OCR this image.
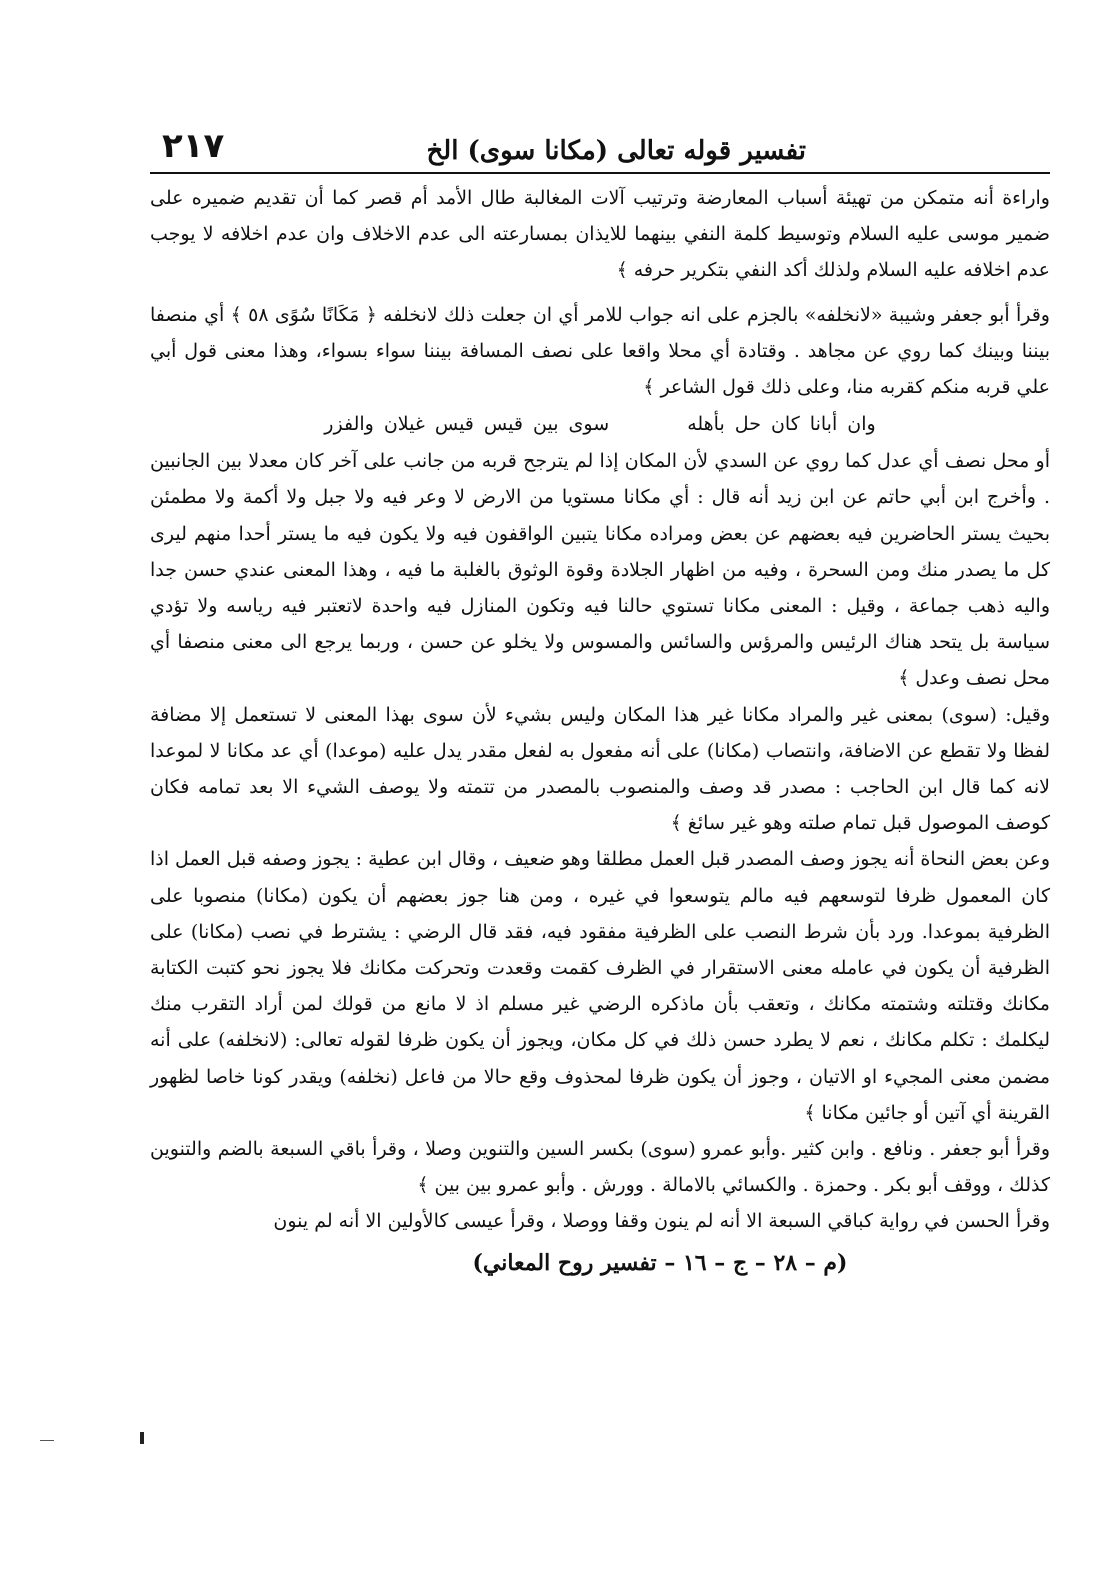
تفسير قوله تعالى (مكانا سوى) الخ
٢١٧

واراءة أنه متمكن من تهيئة أسباب المعارضة وترتيب آلات المغالبة طال الأمد أم قصر كما أن تقديم ضميره على ضمير موسى عليه السلام وتوسيط كلمة النفي بينهما للايذان بمسارعته الى عدم الاخلاف وان عدم اخلافه لا يوجب عدم اخلافه عليه السلام ولذلك أكد النفي بتكرير حرفه ﴾

وقرأ أبو جعفر وشيبة «لانخلفه» بالجزم على انه جواب للامر أي ان جعلت ذلك لانخلفه ﴿ مَكَانًا سُوًى ٥٨ ﴾ أي منصفا بيننا وبينك كما روي عن مجاهد . وقتادة أي محلا واقعا على نصف المسافة بيننا سواء بسواء، وهذا معنى قول أبي علي قربه منكم كقربه منا، وعلى ذلك قول الشاعر ﴾

وان أبانا كان حل بأهله سوى بين قيس قيس غيلان والفزر

أو محل نصف أي عدل كما روي عن السدي لأن المكان إذا لم يترجح قربه من جانب على آخر كان معدلا بين الجانبين . وأخرج ابن أبي حاتم عن ابن زيد أنه قال : أي مكانا مستويا من الارض لا وعر فيه ولا جبل ولا أكمة ولا مطمئن بحيث يستر الحاضرين فيه بعضهم عن بعض ومراده مكانا يتبين الواقفون فيه ولا يكون فيه ما يستر أحدا منهم ليرى كل ما يصدر منك ومن السحرة ، وفيه من اظهار الجلادة وقوة الوثوق بالغلبة ما فيه ، وهذا المعنى عندي حسن جدا واليه ذهب جماعة ، وقيل : المعنى مكانا تستوي حالنا فيه وتكون المنازل فيه واحدة لاتعتبر فيه رياسه ولا تؤدي سياسة بل يتحد هناك الرئيس والمرؤس والسائس والمسوس ولا يخلو عن حسن ، وربما يرجع الى معنى منصفا أي محل نصف وعدل ﴾

وقيل: (سوى) بمعنى غير والمراد مكانا غير هذا المكان وليس بشيء لأن سوى بهذا المعنى لا تستعمل إلا مضافة لفظا ولا تقطع عن الاضافة، وانتصاب (مكانا) على أنه مفعول به لفعل مقدر يدل عليه (موعدا) أي عد مكانا لا لموعدا لانه كما قال ابن الحاجب : مصدر قد وصف والمنصوب بالمصدر من تتمته ولا يوصف الشيء الا بعد تمامه فكان كوصف الموصول قبل تمام صلته وهو غير سائغ ﴾

وعن بعض النحاة أنه يجوز وصف المصدر قبل العمل مطلقا وهو ضعيف ، وقال ابن عطية : يجوز وصفه قبل العمل اذا كان المعمول ظرفا لتوسعهم فيه مالم يتوسعوا في غيره ، ومن هنا جوز بعضهم أن يكون (مكانا) منصوبا على الظرفية بموعدا. ورد بأن شرط النصب على الظرفية مفقود فيه، فقد قال الرضي : يشترط في نصب (مكانا) على الظرفية أن يكون في عامله معنى الاستقرار في الظرف كقمت وقعدت وتحركت مكانك فلا يجوز نحو كتبت الكتابة مكانك وقتلته وشتمته مكانك ، وتعقب بأن ماذكره الرضي غير مسلم اذ لا مانع من قولك لمن أراد التقرب منك ليكلمك : تكلم مكانك ، نعم لا يطرد حسن ذلك في كل مكان، ويجوز أن يكون ظرفا لقوله تعالى: (لانخلفه) على أنه مضمن معنى المجيء او الاتيان ، وجوز أن يكون ظرفا لمحذوف وقع حالا من فاعل (نخلفه) ويقدر كونا خاصا لظهور القرينة أي آتين أو جائين مكانا ﴾

وقرأ أبو جعفر . ونافع . وابن كثير .وأبو عمرو (سوى) بكسر السين والتنوين وصلا ، وقرأ باقي السبعة بالضم والتنوين كذلك ، ووقف أبو بكر . وحمزة . والكسائي بالامالة . وورش . وأبو عمرو بين بين ﴾

وقرأ الحسن في رواية كباقي السبعة الا أنه لم ينون وقفا ووصلا ، وقرأ عيسى كالأولين الا أنه لم ينون

(م – ٢٨ – ج – ١٦ – تفسير روح المعاني)
